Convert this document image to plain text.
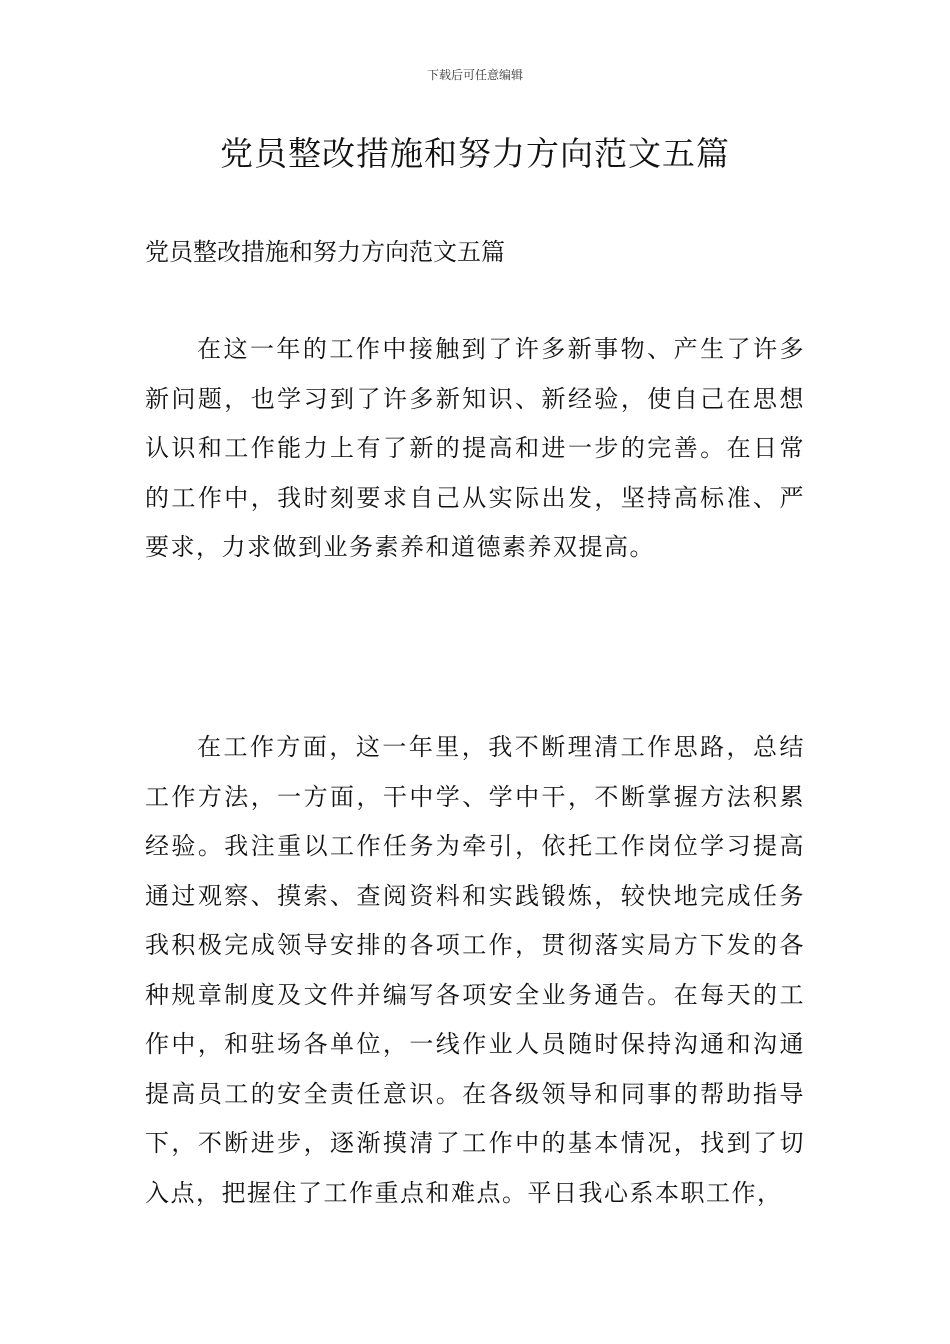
下载后可任意编辑
党员整改措施和努力方向范文五篇

党员整改措施和努力方向范文五篇

在这一年的工作中接触到了许多新事物、产生了许多新问题，也学习到了许多新知识、新经验，使自己在思想认识和工作能力上有了新的提高和进一步的完善。在日常的工作中，我时刻要求自己从实际出发，坚持高标准、严要求，力求做到业务素养和道德素养双提高。

在工作方面，这一年里，我不断理清工作思路，总结工作方法，一方面，干中学、学中干，不断掌握方法积累经验。我注重以工作任务为牵引，依托工作岗位学习提高通过观察、摸索、查阅资料和实践锻炼，较快地完成任务我积极完成领导安排的各项工作，贯彻落实局方下发的各种规章制度及文件并编写各项安全业务通告。在每天的工作中，和驻场各单位，一线作业人员随时保持沟通和沟通提高员工的安全责任意识。在各级领导和同事的帮助指导下，不断进步，逐渐摸清了工作中的基本情况，找到了切入点，把握住了工作重点和难点。平日我心系本职工作，
